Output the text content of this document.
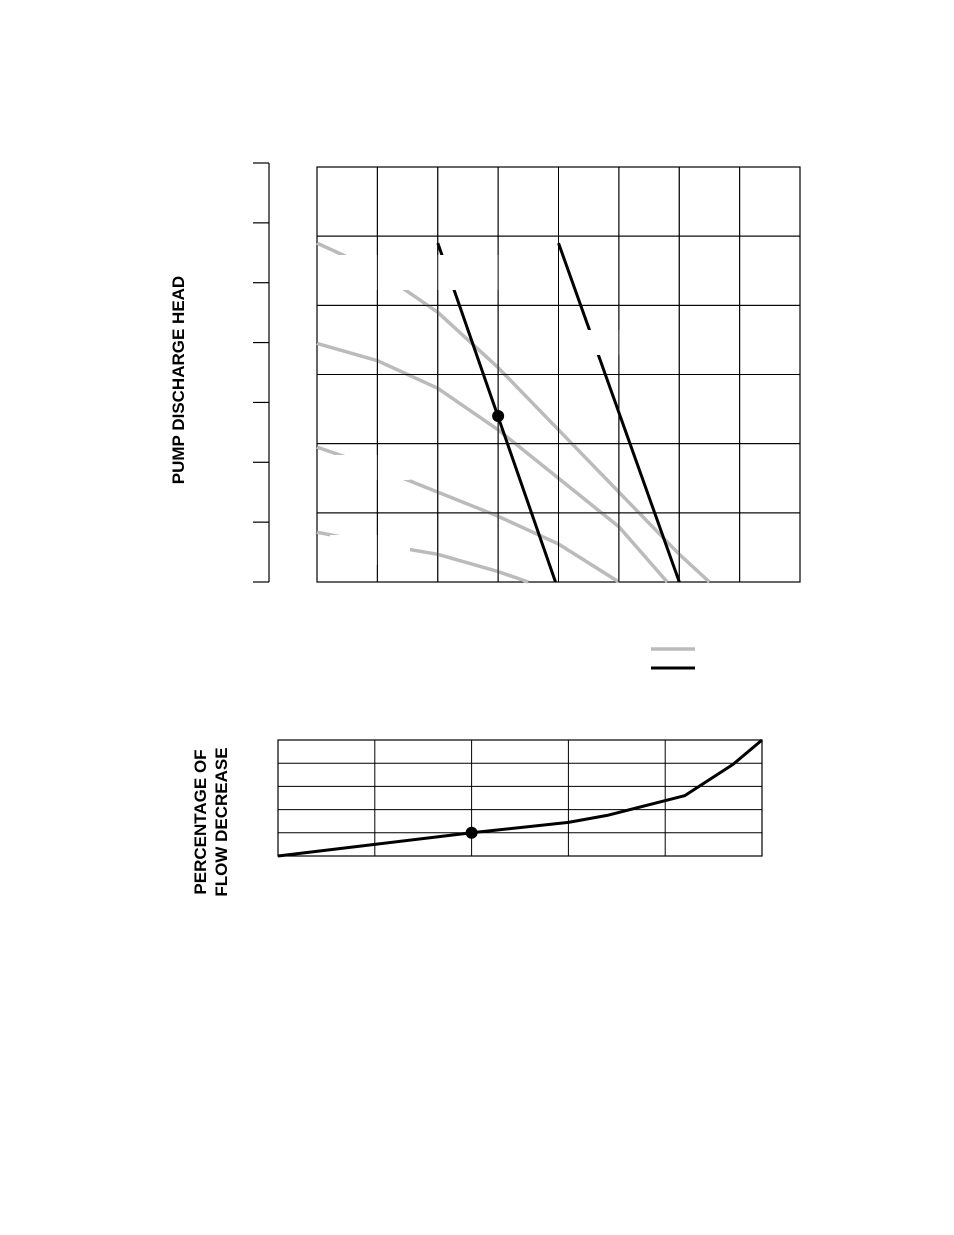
PUMP DISCHARGE HEAD
PERCENTAGE OF FLOW DECREASE
